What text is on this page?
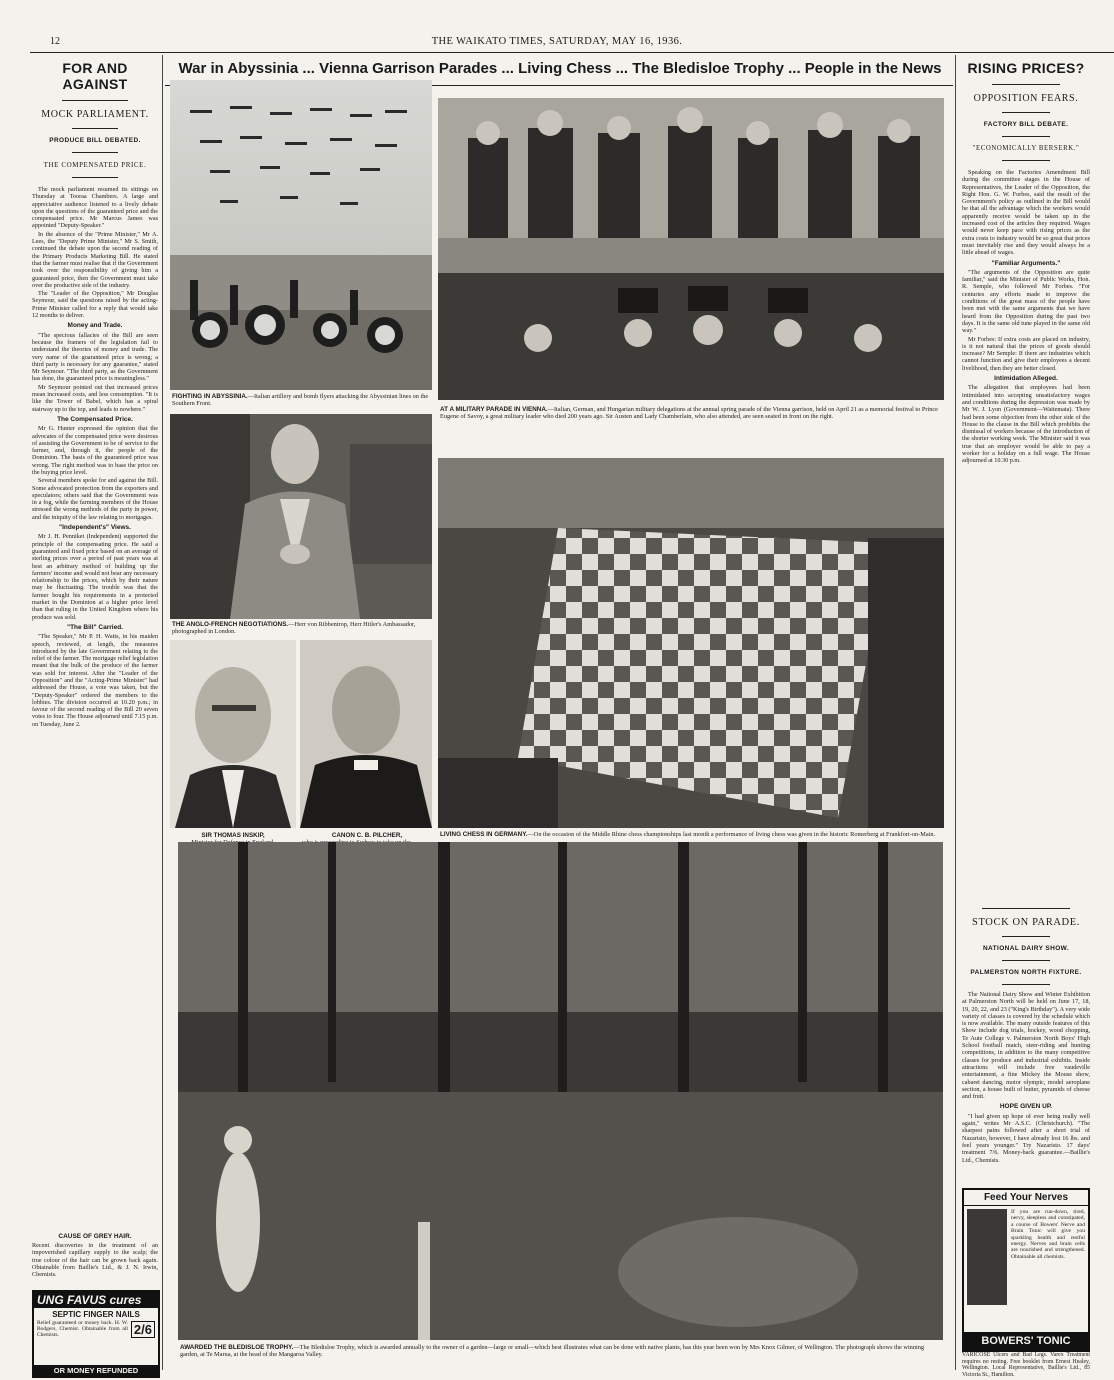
12	THE WAIKATO TIMES, SATURDAY, MAY 16, 1936.
FOR AND AGAINST
MOCK PARLIAMENT.
PRODUCE BILL DEBATED.
THE COMPENSATED PRICE.

The mock parliament resumed its sittings on Thursday at Tooraa Chambers. A large and appreciative audience listened to a lively debate upon the questions of the guaranteed price and the compensated price. Mr Marcus James was appointed "Deputy-Speaker."

In the absence of the "Prime Minister," Mr A. Lees, the "Deputy Prime Minister," Mr S. Smith, continued the debate upon the second reading of the Primary Products Marketing Bill. He stated that the farmer must realise that if the Government took over the responsibility of giving him a guaranteed price, then the Government must take over the productive side of the industry.

The "Leader of the Opposition," Mr Douglas Seymour, said the questions raised by the acting-Prime Minister called for a reply that would take 12 months to deliver.

Money and Trade.

"The specious fallacies of the Bill are seen because the framers of the legislation fail to understand the theories of money and trade. The very name of the guaranteed price is wrong; a third party is necessary for any guarantee," stated Mr Seymour. "The third party, as the Government has done, the guaranteed price is meaningless."

Mr Seymour pointed out that increased prices mean increased costs, and less consumption. "It is like the Tower of Babel, which has a spiral stairway up to the top, and leads to nowhere."

The Compensated Price.

Mr G. Hunter expressed the opinion that the advocates of the compensated price were desirous of assisting the Government to be of service to the farmer, and, through it, the people of the Dominion. The basis of the guaranteed price was wrong. The right method was to base the price on the buying price level.

Several members spoke for and against the Bill. Some advocated protection from the exporters and speculators; others said that the Government was in a fog, while the farming members of the House stressed the wrong methods of the party in power, and the iniquity of the law relating to mortgages.

"Independent's" Views.

Mr J. H. Penniket (Independent) supported the principle of the compensating price. He said a guaranteed and fixed price based on an average of sterling prices over a period of past years was at best an arbitrary method of building up the farmers' income and would not bear any necessary relationship to the prices, which by their nature may be fluctuating. The trouble was that the farmer bought his requirements in a protected market in the Dominion at a higher price level than that ruling in the United Kingdom where his produce was sold.

"The Bill" Carried.

"The Speaker," Mr P. H. Watts, in his maiden speech, reviewed, at length, the measures introduced by the late Government relating to the relief of the farmer. The mortgage relief legislation meant that the bulk of the produce of the farmer was sold for interest. After the "Leader of the Opposition" and the "Acting-Prime Minister" had addressed the House, a vote was taken, but the "Deputy-Speaker" ordered the members to the lobbies. The division occurred at 10.20 p.m.; in favour of the second reading of the Bill 20 seven votes to four. The House adjourned until 7.15 p.m. on Tuesday, June 2.

CAUSE OF GREY HAIR.
Recent discoveries in the treatment of an impoverished capillary supply to the scalp; the true colour of the hair can be grown back again. Obtainable from Baillie's Ltd., & J. N. Irwin, Chemists.
UNG FAVUS cures
SEPTIC FINGER NAILS
Relief guaranteed or money back. H. W. Bodgers, Chemist. Obtainable from all Chemists.	2/6
OR MONEY REFUNDED
War in Abyssinia ... Vienna Garrison Parades ... Living Chess ... The Bledisloe Trophy ... People in the News
FIGHTING IN ABYSSINIA.—Italian artillery and bomb flyers attacking the Abyssinian lines on the Southern Front.
THE ANGLO-FRENCH NEGOTIATIONS.—Herr von Ribbentrop, Herr Hitler's Ambassador, photographed in London.
SIR THOMAS INSKIP,	CANON C. B. PILCHER,
AT A MILITARY PARADE IN VIENNA.—Italian, German, and Hungarian military delegations at the annual spring parade of the Vienna garrison, held on April 21 as a memorial festival to Prince Eugene of Savoy, a great military leader who died 200 years ago. Sir Austen and Lady Chamberlain, who also attended, are seen seated in front on the right.
LIVING CHESS IN GERMANY.—On the occasion of the Middle Rhine chess championships last month a performance of living chess was given in the historic Romerberg at Frankfort-on-Main.
AWARDED THE BLEDISLOE TROPHY.—The Bledisloe Trophy, which is awarded annually to the owner of a garden—large or small—which best illustrates what can be done with native plants, has this year been won by Mrs Knox Gilmer, of Wellington. The photograph shows the winning garden, at Te Marua, at the head of the Mangaroa Valley.
RISING PRICES?
OPPOSITION FEARS.
FACTORY BILL DEBATE.
"ECONOMICALLY BERSERK."

Speaking on the Factories Amendment Bill during the committee stages in the House of Representatives, the Leader of the Opposition, the Right Hon. G. W. Forbes, said the result of the Government's policy as outlined in the Bill would be that all the advantage which the workers would apparently receive would be taken up in the increased cost of the articles they required. Wages would never keep pace with rising prices as the extra costs to industry would be so great that prices must inevitably rise and they would always be a little ahead of wages.

"Familiar Arguments."

"The arguments of the Opposition are quite familiar," said the Minister of Public Works, Hon. R. Semple, who followed Mr Forbes. "For centuries any efforts made to improve the conditions of the great mass of the people have been met with the same arguments that we have heard from the Opposition during the past two days. It is the same old tune played in the same old way."

Mr Forbes: If extra costs are placed on industry, is it not natural that the prices of goods should increase? Mr Semple: If there are industries which cannot function and give their employees a decent livelihood, then they are better closed.

Intimidation Alleged.

The allegation that employees had been intimidated into accepting unsatisfactory wages and conditions during the depression was made by Mr W. J. Lyon (Government—Waitemata). There had been some objection from the other side of the House to the clause in the Bill which prohibits the dismissal of workers because of the introduction of the shorter working week. The Minister said it was true that an employer would be able to pay a worker for a holiday on a full wage. The House adjourned at 10.30 p.m.

STOCK ON PARADE.
NATIONAL DAIRY SHOW.
PALMERSTON NORTH FIXTURE.

The National Dairy Show and Winter Exhibition at Palmerston North will be held on June 17, 18, 19, 20, 22, and 23 ("King's Birthday"). A very wide variety of classes is covered by the schedule which is now available. The many outside features of this Show include dog trials, hockey, wood chopping, Te Aute College v. Palmerston North Boys' High School football match, steer-riding and hunting competitions, in addition to the many competitive classes for produce and industrial exhibits. Inside attractions will include free vaudeville entertainment, a fine Mickey the Mouse show, cabaret dancing, motor olympic, model aeroplane section, a house built of butter, pyramids of cheese and fruit.

HOPE GIVEN UP.

"I had given up hope of ever being really well again," writes Mr A.S.C. (Christchurch). "The sharpest pains followed after a short trial of Nazaristo, however, I have already lost 16 lbs. and feel years younger." Try Nazaristo. 17 days' treatment 7/6. Money-back guarantee.—Baillie's Ltd., Chemists.

Feed Your Nerves
If you are run-down, tired, nervy, sleepless and constipated, a course of Bowers' Nerve and Brain Tonic will give you sparkling health and restful energy. Nerves and brain cells are nourished and strengthened. Obtainable all chemists.
BOWERS' TONIC
VARICOSE Ulcers and Bad Legs. Varex Treatment requires no resting. Free booklet from Ernest Healey, Wellington. Local Representative, Baillie's Ltd., 85 Victoria St., Hamilton.
